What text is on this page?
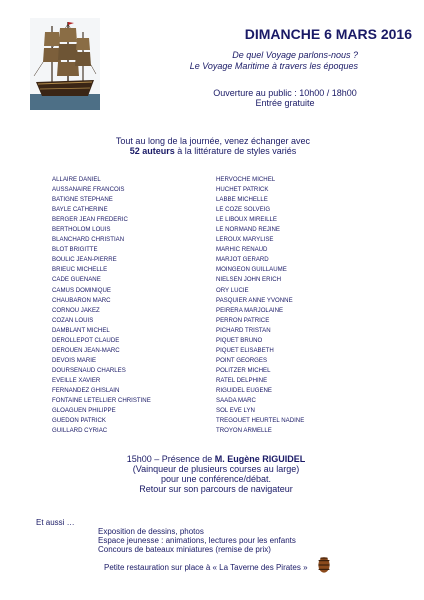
DIMANCHE 6 MARS 2016
De quel Voyage parlons-nous ?
Le Voyage Maritime à travers les époques
Ouverture au public : 10h00 / 18h00
Entrée gratuite
Tout au long de la journée, venez échanger avec
52 auteurs à la littérature de styles variés
ALLAIRE DANIEL	HERVOCHE MICHEL
AUSSANAIRE FRANCOIS	HUCHET PATRICK
BATIGNE STEPHANE	LABBE MICHELLE
BAYLE CATHERINE	LE COZE SOLVEIG
BERGER JEAN FREDERIC	LE LIBOUX MIREILLE
BERTHOLOM LOUIS	LE NORMAND REJINE
BLANCHARD CHRISTIAN	LEROUX MARYLISE
BLOT BRIGITTE	MARHIC RENAUD
BOULIC JEAN-PIERRE	MARJOT GERARD
BRIEUC MICHELLE	MOINGEON GUILLAUME
CADE GUENANE	NIELSEN JOHN ERICH
CAMUS DOMINIQUE	ORY LUCIE
CHAUBARON MARC	PASQUIER ANNE YVONNE
CORNOU JAKEZ	PEIRERA MARJOLAINE
COZAN LOUIS	PERRON PATRICE
DAMBLANT MICHEL	PICHARD TRISTAN
DEROLLEPOT CLAUDE	PIQUET BRUNO
DEROUEN JEAN-MARC	PIQUET ELISABETH
DEVOIS MARIE	POINT GEORGES
DOURSENAUD CHARLES	POLITZER MICHEL
EVEILLE XAVIER	RATEL DELPHINE
FERNANDEZ GHISLAIN	RIGUIDEL EUGENE
FONTAINE LETELLIER CHRISTINE	SAADA MARC
GLOAGUEN PHILIPPE	SOL EVE LYN
GUEDON PATRICK	TREGOUET HEURTEL NADINE
GUILLARD CYRIAC	TROYON ARMELLE
15h00 – Présence de M. Eugène RIGUIDEL
(Vainqueur de plusieurs courses au large)
pour une conférence/débat.
Retour sur son parcours de navigateur
Et aussi …
Exposition de dessins, photos
Espace jeunesse : animations, lectures pour les enfants
Concours de bateaux miniatures (remise de prix)
Petite restauration sur place à « La Taverne des Pirates »
